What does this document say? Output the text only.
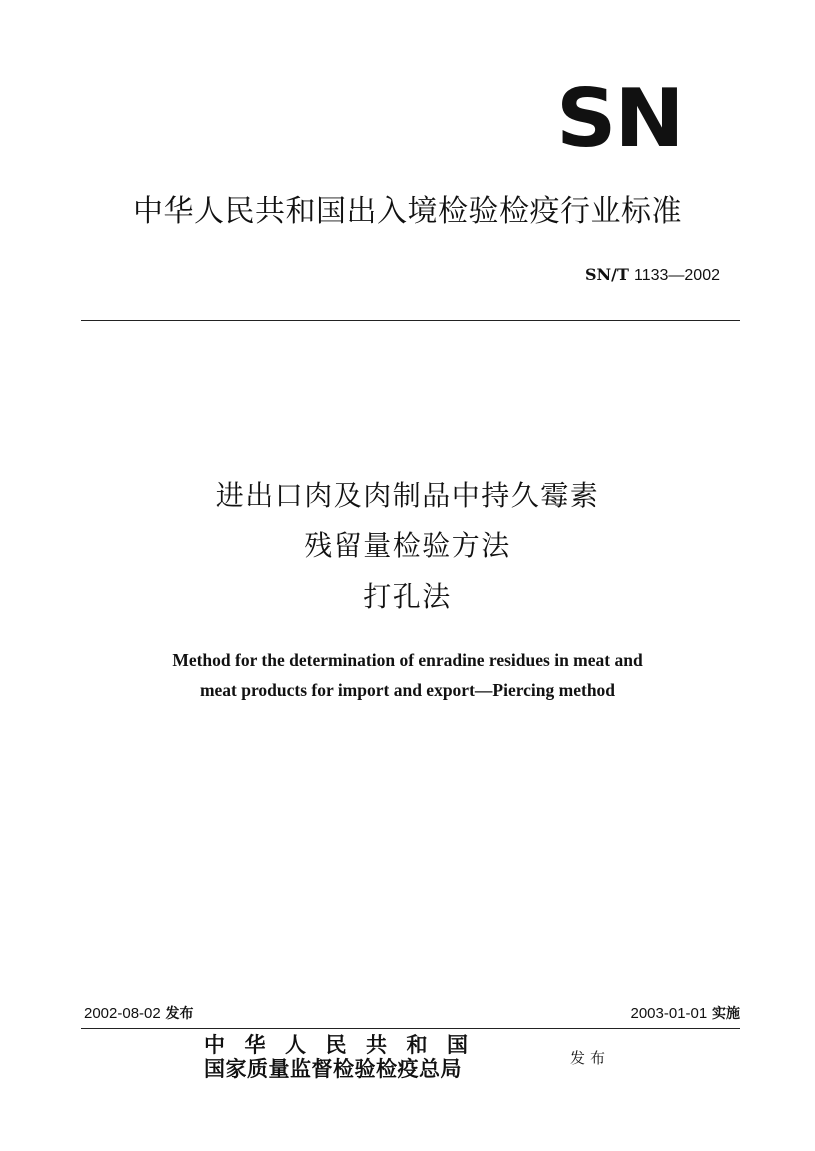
SN
中华人民共和国出入境检验检疫行业标准
SN/T 1133—2002
进出口肉及肉制品中持久霉素
残留量检验方法
打孔法
Method for the determination of enradine residues in meat and
meat products for import and export—Piercing method
2002-08-02 发布	2003-01-01 实施
中华人民共和国
国家质量监督检验检疫总局	发布
